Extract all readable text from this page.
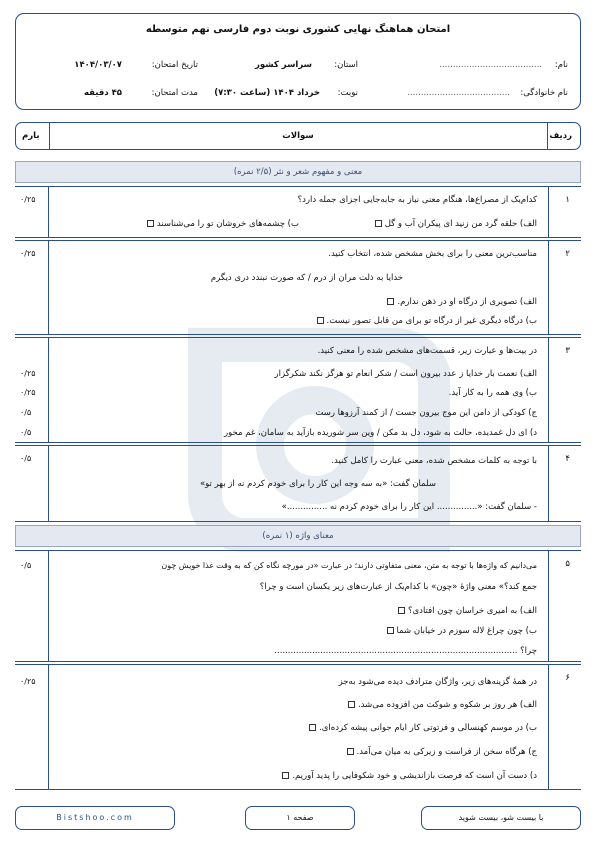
امتحان هماهنگ نهایی کشوری نوبت دوم فارسی نهم متوسطه
نام:
......................................
نام خانوادگی:
......................................
استان:
سراسر کشور
نوبت:
خرداد ۱۴۰۴ (ساعت ۷:۳۰)
تاریخ امتحان:
۱۴۰۴/۰۳/۰۷
مدت امتحان:
۴۵ دقیقه
ردیف
سوالات
بارم
معنی و مفهوم شعر و نثر (۲/۵ نمره)
۱
۰/۲۵	کدام‌یک از مصراع‌ها، هنگام معنی نیاز به جابه‌جایی اجزای جمله دارد؟
الف) حلقه گرد من زنید ای پیکران آب و گل
ب) چشمه‌های خروشان تو را می‌شناسند
۲
۰/۲۵	مناسب‌ترین معنی را برای بخش مشخص شده، انتخاب کنید.
خدایا به ذلت مران از درم / که صورت نبندد دری دیگرم
الف) تصویری از درگاه او در ذهن ندارم.
ب) درگاه دیگری غیر از درگاه تو برای من قابل تصور نیست.
۳
در بیت‌ها و عبارت زیر، قسمت‌های مشخص شده را معنی کنید.
الف) نعمت بار خدایا ز عدد بیرون است / شکر انعام تو هرگز نکند شکرگزار
۰/۲۵
ب) وی همه را به کار آید.
۰/۲۵
ج) کودکی از دامن این موج بیرون جست / از کمند آرزوها رست
۰/۵
د) ای دل غمدیده، حالت به شود، دل بد مکن / وین سر شوریده بازآید به سامان، غم مخور
۰/۵
۴
۰/۵	با توجه به کلمات مشخص شده، معنی عبارت را کامل کنید.
سلمان گفت: «به سه وجه این کار را برای خودم کردم نه از بهر تو»
- سلمان گفت: «............... این کار را برای خودم کردم نه ...............»
معنای واژه (۱ نمره)
۵
۰/۵	می‌دانیم که واژه‌ها با توجه به متن، معنی متفاوتی دارند؛ در عبارت «در مورچه نگاه کن که به وقت غذا خویش چون
جمع کند؟» معنی واژهٔ «چون» با کدام‌یک از عبارت‌های زیر یکسان است و چرا؟
الف) به امیری خراسان چون افتادی؟
ب) چون چراغ لاله سوزم در خیابان شما
چرا؟ ..........................................................................................
۶
۰/۲۵	در همهٔ گزینه‌های زیر، واژگان مترادف دیده می‌شود به‌جز
الف) هر روز بر شکوه و شوکت من افزوده می‌شد.
ب) در موسم کهنسالی و فرتوتی کار ایام جوانی پیشه کرده‌ای.
ج) هرگاه سخن از فراست و زیرکی به میان می‌آمد.
د) دست آن است که فرصت بازاندیشی و خود شکوفایی را پدید آوریم.
Bistshoo.com	صفحه ۱	با بیست شو، بیست شوید
